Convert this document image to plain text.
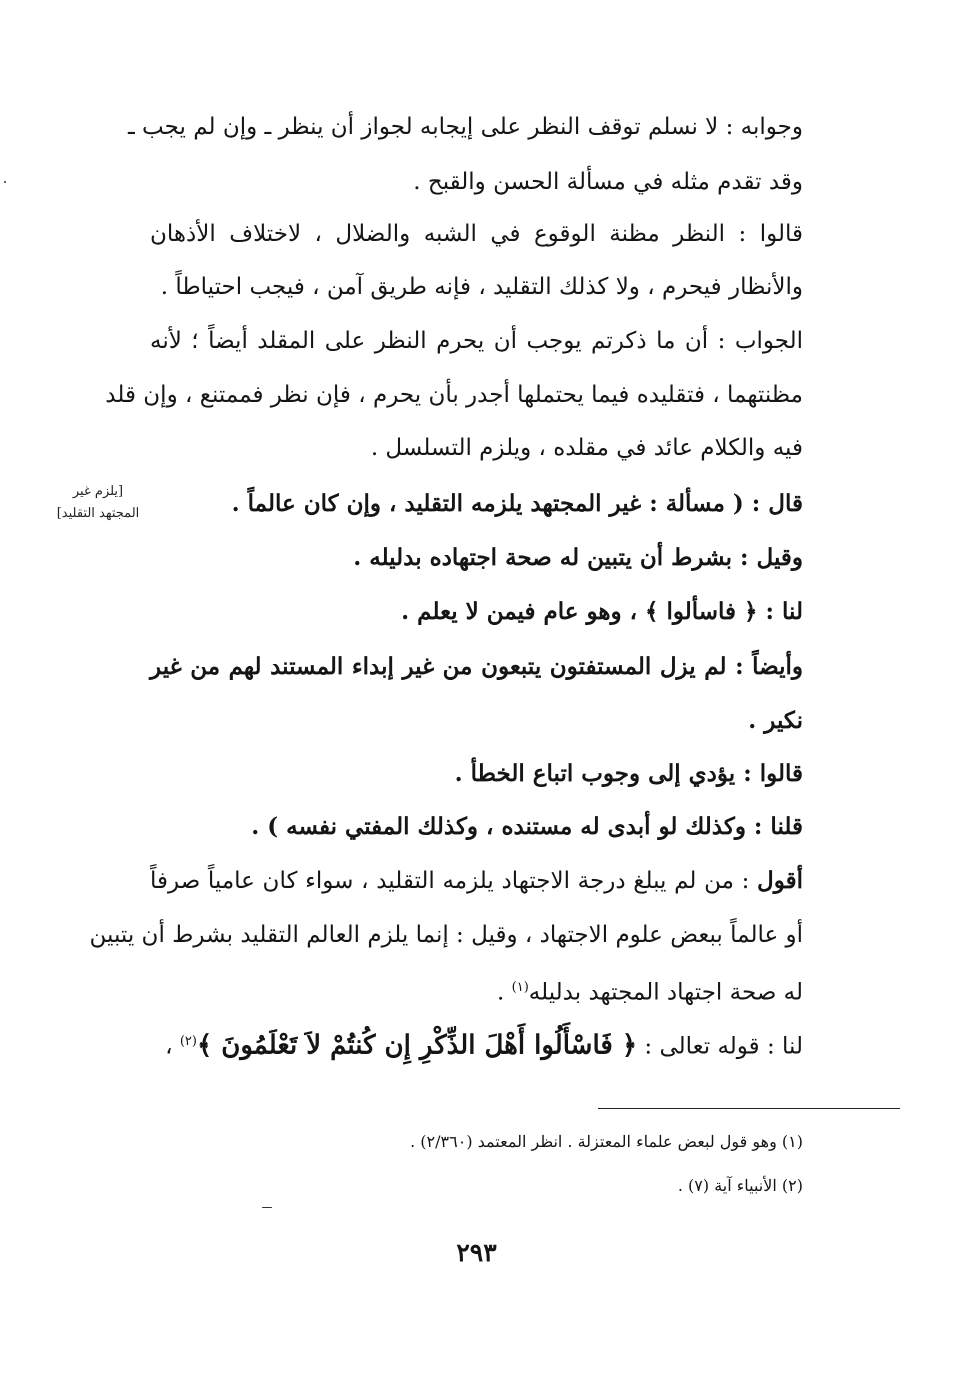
وجوابه : لا نسلم توقف النظر على إيجابه لجواز أن ينظر ـ وإن لم يجب ـ
وقد تقدم مثله في مسألة الحسن والقبح .
قالوا : النظر مظنة الوقوع في الشبه والضلال ، لاختلاف الأذهان
والأنظار فيحرم ، ولا كذلك التقليد ، فإنه طريق آمن ، فيجب احتياطاً .
الجواب : أن ما ذكرتم يوجب أن يحرم النظر على المقلد أيضاً ؛ لأنه
مظنتهما ، فتقليده فيما يحتملها أجدر بأن يحرم ، فإن نظر فممتنع ، وإن قلد
فيه والكلام عائد في مقلده ، ويلزم التسلسل .
قال : ( مسألة : غير المجتهد يلزمه التقليد ، وإن كان عالماً .
وقيل : بشرط أن يتبين له صحة اجتهاده بدليله .
لنا : ﴿ فاسألوا ﴾ ، وهو عام فيمن لا يعلم .
وأيضاً : لم يزل المستفتون يتبعون من غير إبداء المستند لهم من غير
نكير .
قالوا : يؤدي إلى وجوب اتباع الخطأ .
قلنا : وكذلك لو أبدى له مستنده ، وكذلك المفتي نفسه ) .
أقول : من لم يبلغ درجة الاجتهاد يلزمه التقليد ، سواء كان عامياً صرفاً
أو عالماً ببعض علوم الاجتهاد ، وقيل : إنما يلزم العالم التقليد بشرط أن يتبين
له صحة اجتهاد المجتهد بدليله$^{(١)}$ .
لنا : قوله تعالى : ﴿ فَاسْأَلُوا أَهْلَ الذِّكْرِ إِن كُنتُمْ لاَ تَعْلَمُونَ ﴾$^{(٢)}$ ،
[يلزم غير
المجتهد التقليد]
(١) وهو قول لبعض علماء المعتزلة . انظر المعتمد (٢/٣٦٠) .
(٢) الأنبياء آية (٧) .
٢٩٣
